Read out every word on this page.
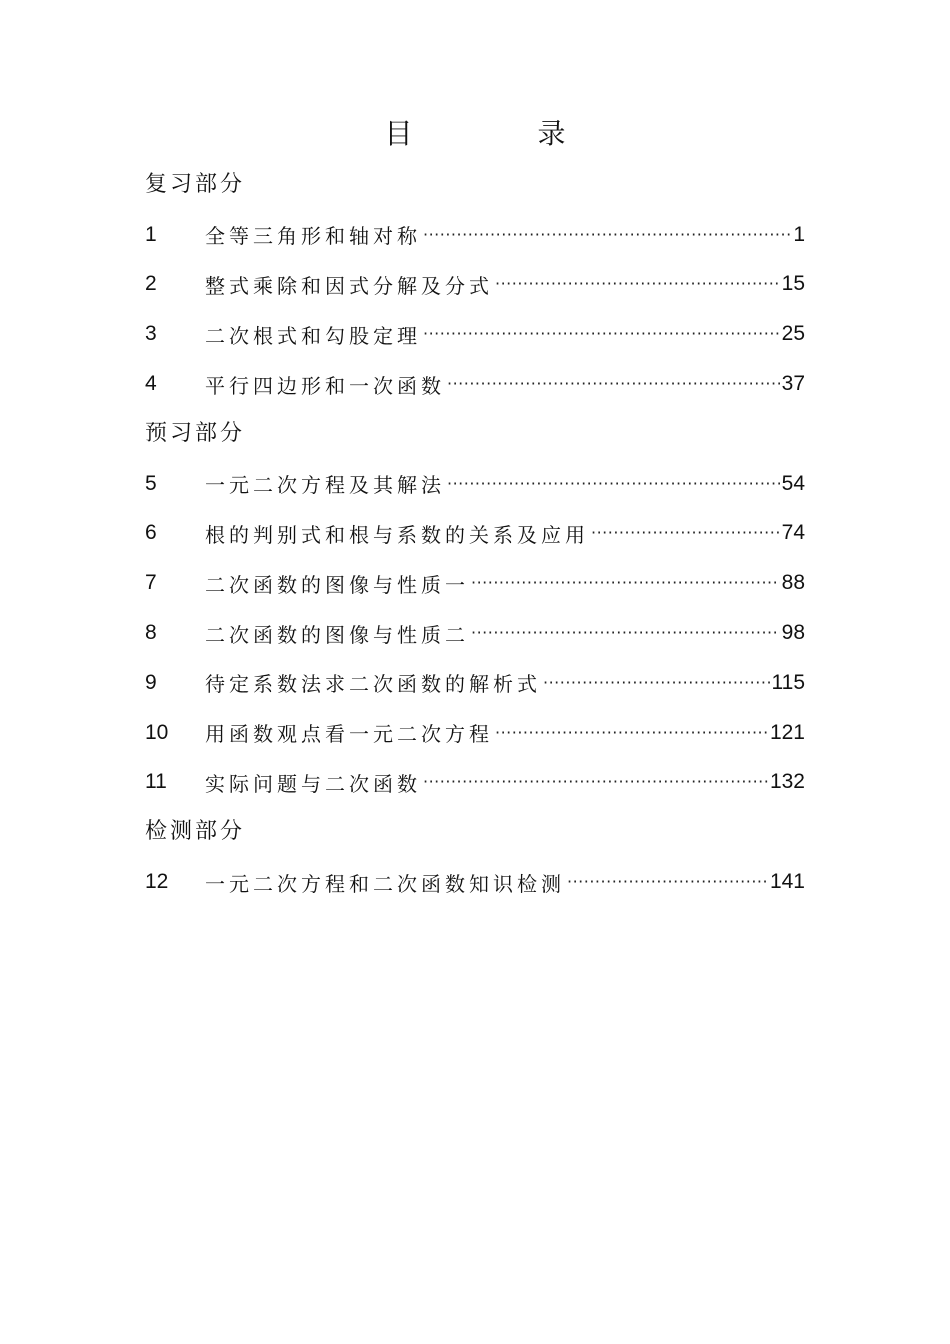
目 录
复习部分
1	全等三角形和轴对称 ·····	1
2	整式乘除和因式分解及分式 ·····	15
3	二次根式和勾股定理 ·····	25
4	平行四边形和一次函数 ·····	37
预习部分
5	一元二次方程及其解法 ·····	54
6	根的判别式和根与系数的关系及应用 ·····	74
7	二次函数的图像与性质一 ·····	88
8	二次函数的图像与性质二 ·····	98
9	待定系数法求二次函数的解析式 ·····	115
10	用函数观点看一元二次方程 ·····	121
11	实际问题与二次函数 ·····	132
检测部分
12	一元二次方程和二次函数知识检测 ·····	141
